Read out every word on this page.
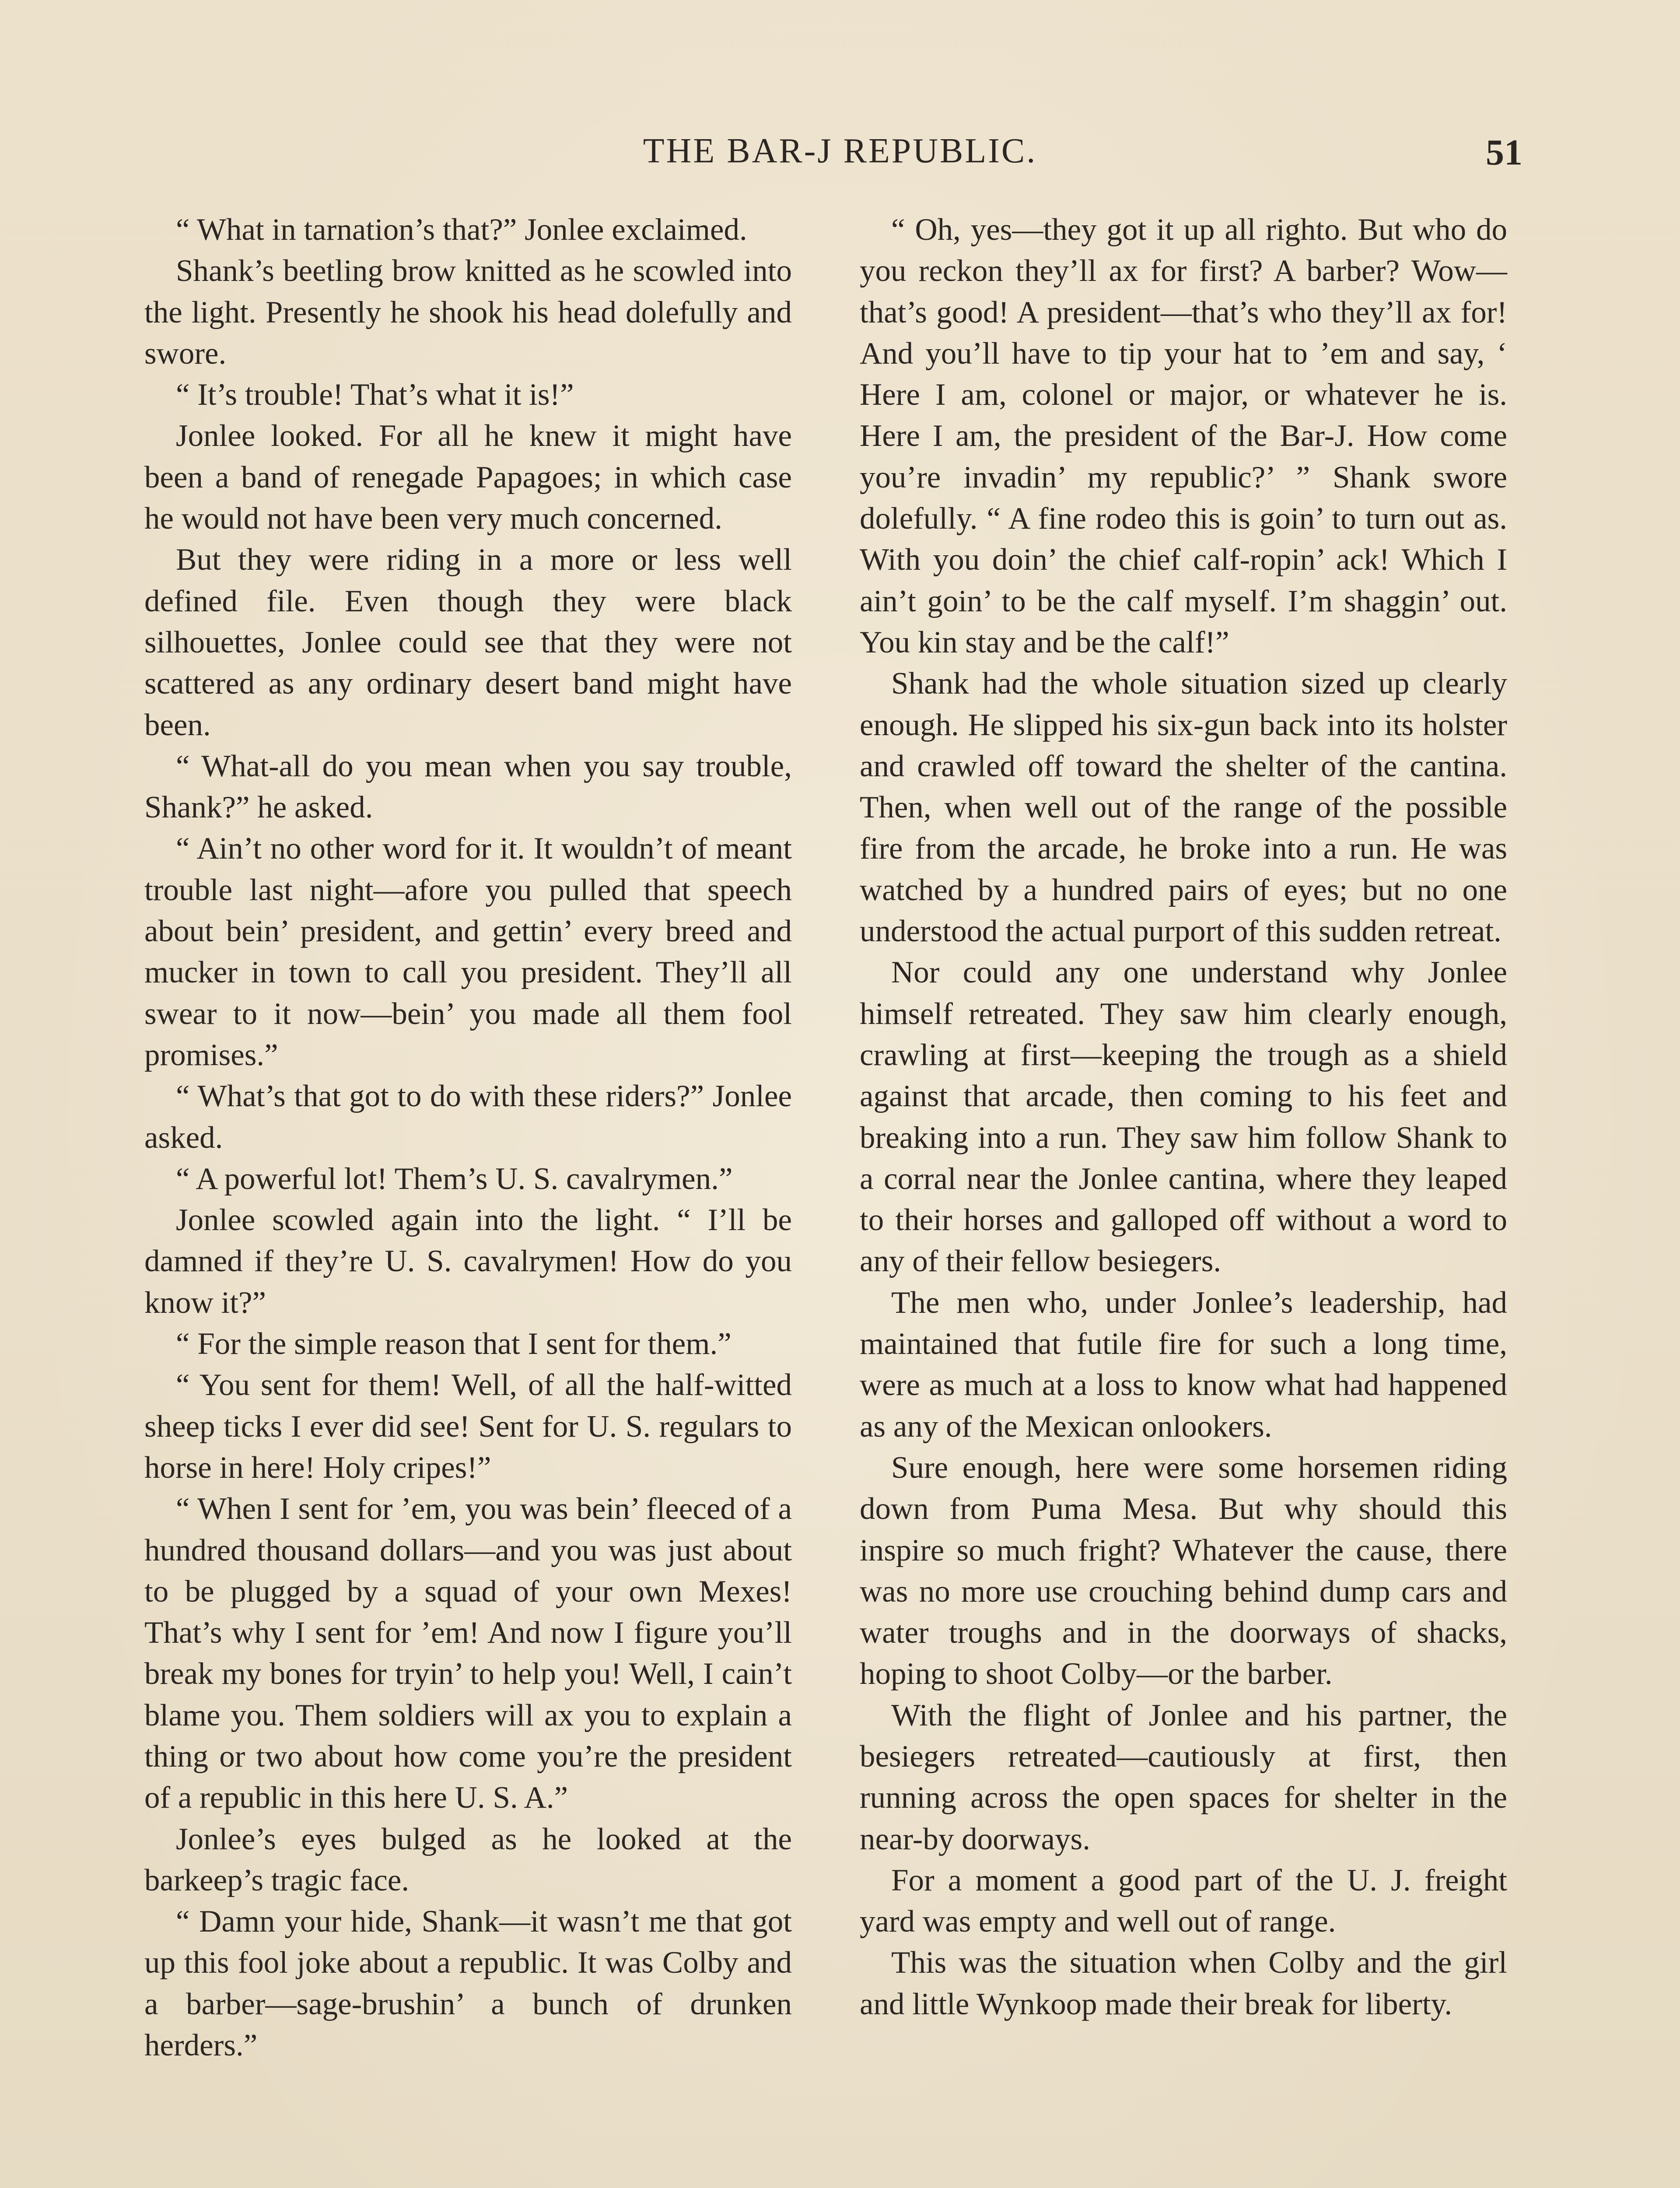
THE BAR-J REPUBLIC.	51

“ What in tarnation’s that?” Jonlee exclaimed.

Shank’s beetling brow knitted as he scowled into the light. Presently he shook his head dolefully and swore.

“ It’s trouble! That’s what it is!”

Jonlee looked. For all he knew it might have been a band of renegade Papagoes; in which case he would not have been very much concerned.

But they were riding in a more or less well defined file. Even though they were black silhouettes, Jonlee could see that they were not scattered as any ordinary desert band might have been.

“ What-all do you mean when you say trouble, Shank?” he asked.

“ Ain’t no other word for it. It wouldn’t of meant trouble last night—afore you pulled that speech about bein’ president, and gettin’ every breed and mucker in town to call you president. They’ll all swear to it now—bein’ you made all them fool promises.”

“ What’s that got to do with these riders?” Jonlee asked.

“ A powerful lot! Them’s U. S. cavalrymen.”

Jonlee scowled again into the light. “ I’ll be damned if they’re U. S. cavalrymen! How do you know it?”

“ For the simple reason that I sent for them.”

“ You sent for them! Well, of all the half-witted sheep ticks I ever did see! Sent for U. S. regulars to horse in here! Holy cripes!”

“ When I sent for ’em, you was bein’ fleeced of a hundred thousand dollars—and you was just about to be plugged by a squad of your own Mexes! That’s why I sent for ’em! And now I figure you’ll break my bones for tryin’ to help you! Well, I cain’t blame you. Them soldiers will ax you to explain a thing or two about how come you’re the president of a republic in this here U. S. A.”

Jonlee’s eyes bulged as he looked at the barkeep’s tragic face.

“ Damn your hide, Shank—it wasn’t me that got up this fool joke about a republic. It was Colby and a barber—sage-brushin’ a bunch of drunken herders.”

“ Oh, yes—they got it up all righto. But who do you reckon they’ll ax for first? A barber? Wow—that’s good! A president—that’s who they’ll ax for! And you’ll have to tip your hat to ’em and say, ‘ Here I am, colonel or major, or whatever he is. Here I am, the president of the Bar-J. How come you’re invadin’ my republic?’ ” Shank swore dolefully. “ A fine rodeo this is goin’ to turn out as. With you doin’ the chief calf-ropin’ ack! Which I ain’t goin’ to be the calf myself. I’m shaggin’ out. You kin stay and be the calf!”

Shank had the whole situation sized up clearly enough. He slipped his six-gun back into its holster and crawled off toward the shelter of the cantina. Then, when well out of the range of the possible fire from the arcade, he broke into a run. He was watched by a hundred pairs of eyes; but no one understood the actual purport of this sudden retreat.

Nor could any one understand why Jonlee himself retreated. They saw him clearly enough, crawling at first—keeping the trough as a shield against that arcade, then coming to his feet and breaking into a run. They saw him follow Shank to a corral near the Jonlee cantina, where they leaped to their horses and galloped off without a word to any of their fellow besiegers.

The men who, under Jonlee’s leadership, had maintained that futile fire for such a long time, were as much at a loss to know what had happened as any of the Mexican onlookers.

Sure enough, here were some horsemen riding down from Puma Mesa. But why should this inspire so much fright? Whatever the cause, there was no more use crouching behind dump cars and water troughs and in the doorways of shacks, hoping to shoot Colby—or the barber.

With the flight of Jonlee and his partner, the besiegers retreated—cautiously at first, then running across the open spaces for shelter in the near-by doorways.

For a moment a good part of the U. J. freight yard was empty and well out of range.

This was the situation when Colby and the girl and little Wynkoop made their break for liberty.
